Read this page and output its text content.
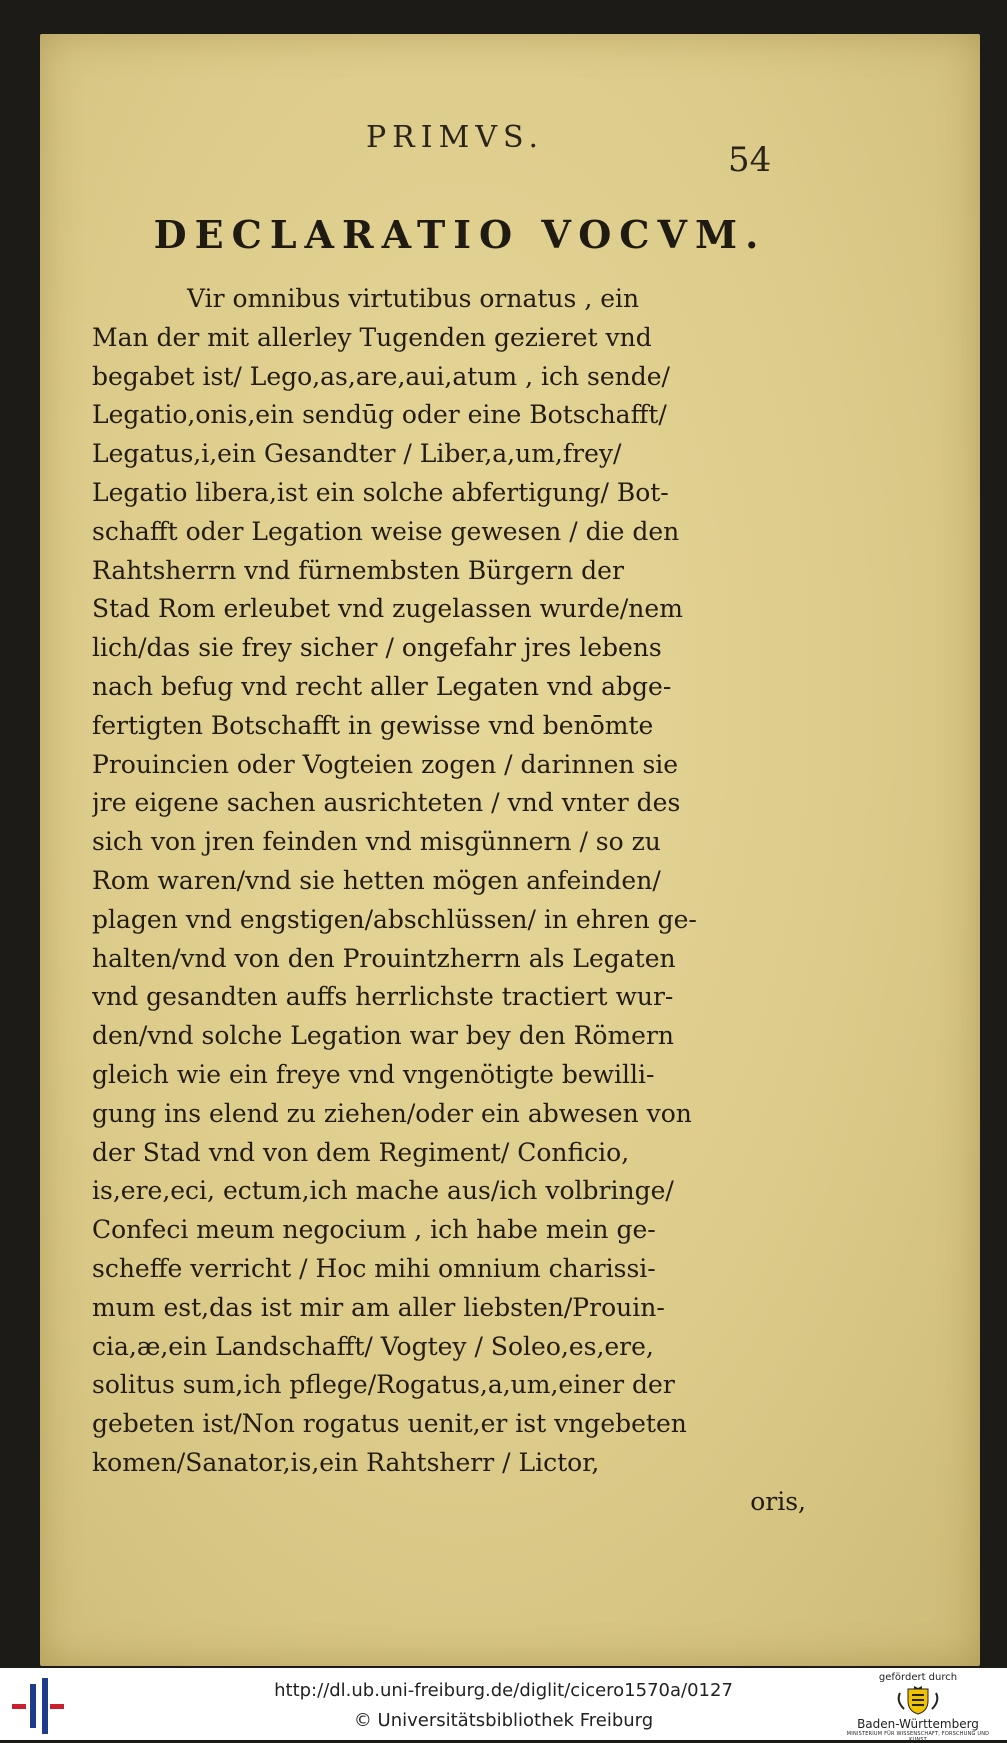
PRIMVS.
54
DECLARATIO VOCVM.
Vir omnibus virtutibus ornatus , ein
Man der mit allerley Tugenden gezieret vnd
begabet ist/ Lego,as,are,aui,atum , ich sende/
Legatio,onis,ein sendūg oder eine Botschafft/
Legatus,i,ein Gesandter / Liber,a,um,frey/
Legatio libera,ist ein solche abfertigung/ Bot-
schafft oder Legation weise gewesen / die den
Rahtsherrn vnd fürnembsten Bürgern der
Stad Rom erleubet vnd zugelassen wurde/nem
lich/das sie frey sicher / ongefahr jres lebens
nach befug vnd recht aller Legaten vnd abge-
fertigten Botschafft in gewisse vnd benōmte
Prouincien oder Vogteien zogen / darinnen sie
jre eigene sachen ausrichteten / vnd vnter des
sich von jren feinden vnd misgünnern / so zu
Rom waren/vnd sie hetten mögen anfeinden/
plagen vnd engstigen/abschlüssen/ in ehren ge-
halten/vnd von den Prouintzherrn als Legaten
vnd gesandten auffs herrlichste tractiert wur-
den/vnd solche Legation war bey den Römern
gleich wie ein freye vnd vngenötigte bewilli-
gung ins elend zu ziehen/oder ein abwesen von
der Stad vnd von dem Regiment/ Conficio,
is,ere,eci, ectum,ich mache aus/ich volbringe/
Confeci meum negocium , ich habe mein ge-
scheffe verricht / Hoc mihi omnium charissi-
mum est,das ist mir am aller liebsten/Prouin-
cia,æ,ein Landschafft/ Vogtey / Soleo,es,ere,
solitus sum,ich pflege/Rogatus,a,um,einer der
gebeten ist/Non rogatus uenit,er ist vngebeten
komen/Sanator,is,ein Rahtsherr / Lictor,
oris,
http://dl.ub.uni-freiburg.de/diglit/cicero1570a/0127
© Universitätsbibliothek Freiburg
gefördert durch
Baden-Württemberg
MINISTERIUM FÜR WISSENSCHAFT, FORSCHUNG UND KUNST
